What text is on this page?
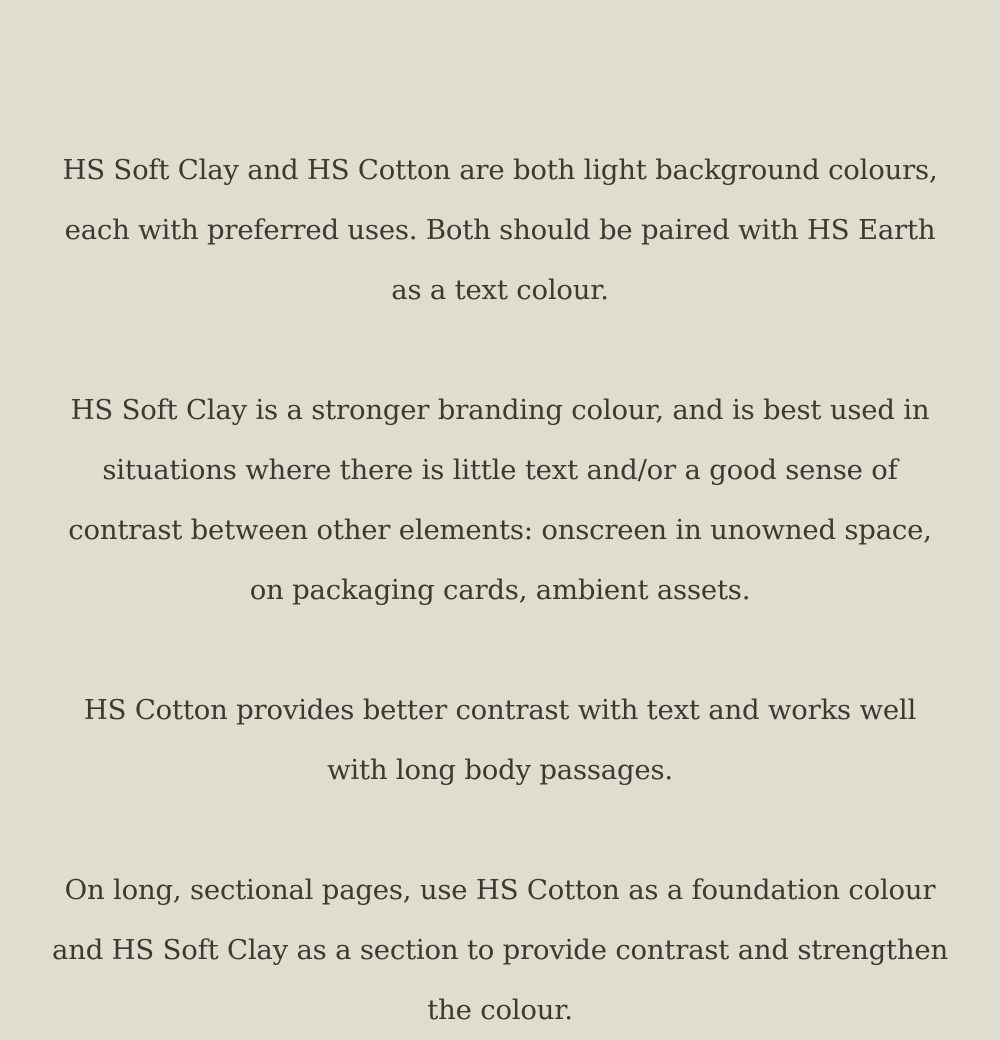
HS Soft Clay and HS Cotton are both light background colours, each with preferred uses. Both should be paired with HS Earth as a text colour.

HS Soft Clay is a stronger branding colour, and is best used in situations where there is little text and/or a good sense of contrast between other elements: onscreen in unowned space, on packaging cards, ambient assets.

HS Cotton provides better contrast with text and works well with long body passages.

On long, sectional pages, use HS Cotton as a foundation colour and HS Soft Clay as a section to provide contrast and strengthen the colour.
